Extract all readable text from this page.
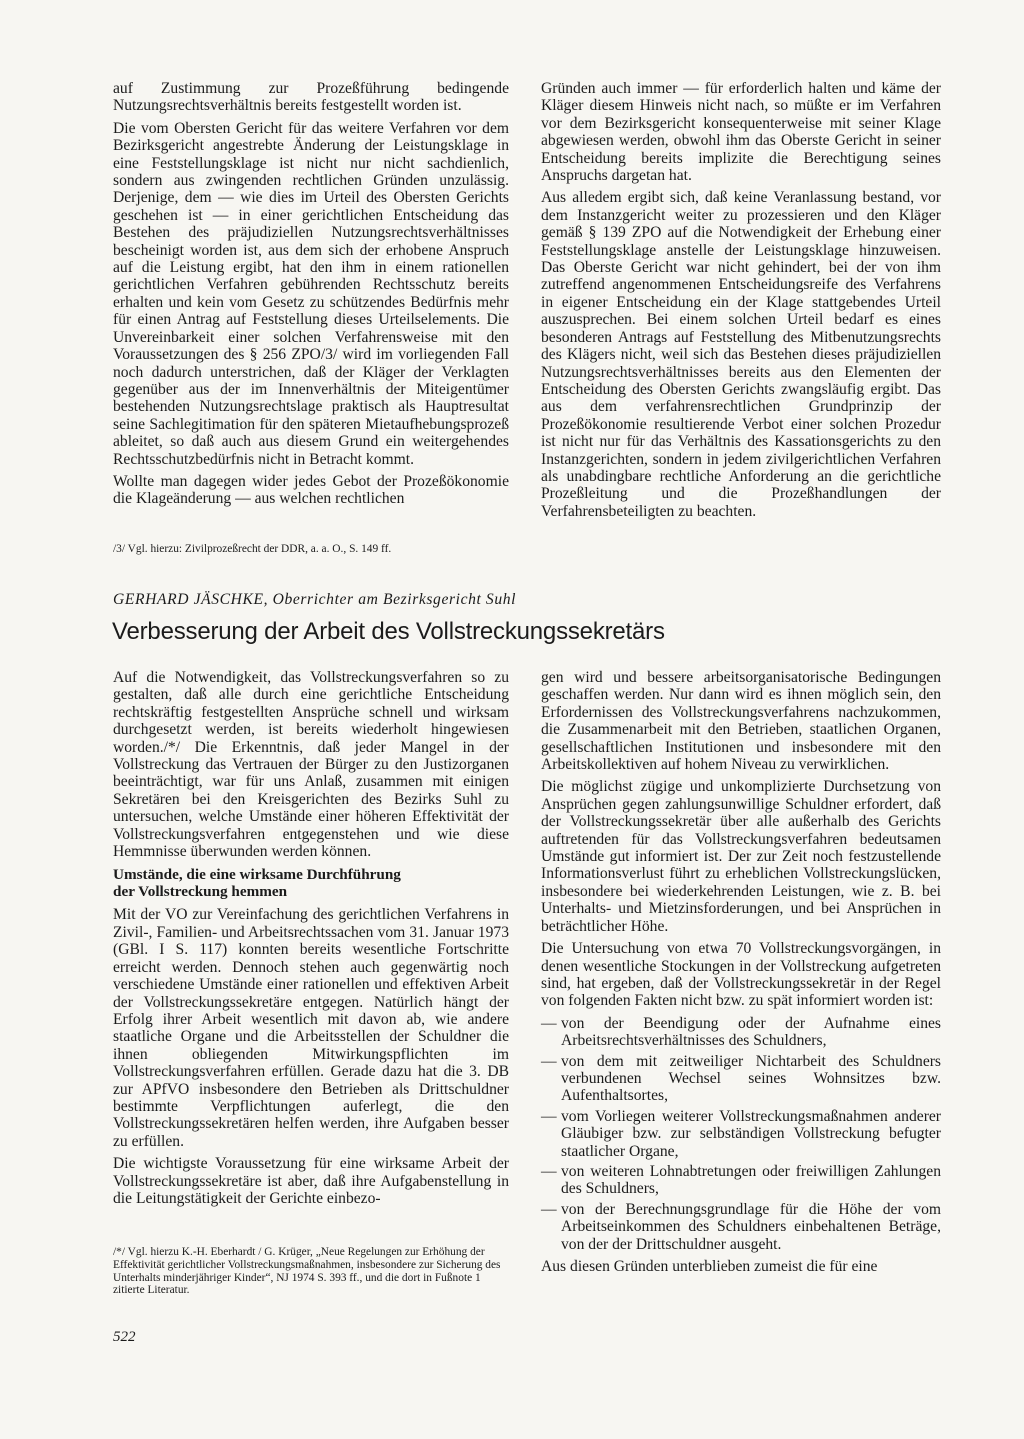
auf Zustimmung zur Prozeßführung bedingende Nutzungsrechtsverhältnis bereits festgestellt worden ist.

Die vom Obersten Gericht für das weitere Verfahren vor dem Bezirksgericht angestrebte Änderung der Leistungsklage in eine Feststellungsklage ist nicht nur nicht sachdienlich, sondern aus zwingenden rechtlichen Gründen unzulässig. Derjenige, dem — wie dies im Urteil des Obersten Gerichts geschehen ist — in einer gerichtlichen Entscheidung das Bestehen des präjudiziellen Nutzungsrechtsverhältnisses bescheinigt worden ist, aus dem sich der erhobene Anspruch auf die Leistung ergibt, hat den ihm in einem rationellen gerichtlichen Verfahren gebührenden Rechtsschutz bereits erhalten und kein vom Gesetz zu schützendes Bedürfnis mehr für einen Antrag auf Feststellung dieses Urteilselements. Die Unvereinbarkeit einer solchen Verfahrensweise mit den Voraussetzungen des § 256 ZPO/3/ wird im vorliegenden Fall noch dadurch unterstrichen, daß der Kläger der Verklagten gegenüber aus der im Innenverhältnis der Miteigentümer bestehenden Nutzungsrechtslage praktisch als Hauptresultat seine Sachlegitimation für den späteren Mietaufhebungsprozeß ableitet, so daß auch aus diesem Grund ein weitergehendes Rechtsschutzbedürfnis nicht in Betracht kommt.

Wollte man dagegen wider jedes Gebot der Prozeßökonomie die Klageänderung — aus welchen rechtlichen

/3/ Vgl. hierzu: Zivilprozeßrecht der DDR, a. a. O., S. 149 ff.

Gründen auch immer — für erforderlich halten und käme der Kläger diesem Hinweis nicht nach, so müßte er im Verfahren vor dem Bezirksgericht konsequenterweise mit seiner Klage abgewiesen werden, obwohl ihm das Oberste Gericht in seiner Entscheidung bereits implizite die Berechtigung seines Anspruchs dargetan hat.

Aus alledem ergibt sich, daß keine Veranlassung bestand, vor dem Instanzgericht weiter zu prozessieren und den Kläger gemäß § 139 ZPO auf die Notwendigkeit der Erhebung einer Feststellungsklage anstelle der Leistungsklage hinzuweisen. Das Oberste Gericht war nicht gehindert, bei der von ihm zutreffend angenommenen Entscheidungsreife des Verfahrens in eigener Entscheidung ein der Klage stattgebendes Urteil auszusprechen. Bei einem solchen Urteil bedarf es eines besonderen Antrags auf Feststellung des Mitbenutzungsrechts des Klägers nicht, weil sich das Bestehen dieses präjudiziellen Nutzungsrechtsverhältnisses bereits aus den Elementen der Entscheidung des Obersten Gerichts zwangsläufig ergibt. Das aus dem verfahrensrechtlichen Grundprinzip der Prozeßökonomie resultierende Verbot einer solchen Prozedur ist nicht nur für das Verhältnis des Kassationsgerichts zu den Instanzgerichten, sondern in jedem zivilgerichtlichen Verfahren als unabdingbare rechtliche Anforderung an die gerichtliche Prozeßleitung und die Prozeßhandlungen der Verfahrensbeteiligten zu beachten.

GERHARD JÄSCHKE, Oberrichter am Bezirksgericht Suhl
Verbesserung der Arbeit des Vollstreckungssekretärs

Auf die Notwendigkeit, das Vollstreckungsverfahren so zu gestalten, daß alle durch eine gerichtliche Entscheidung rechtskräftig festgestellten Ansprüche schnell und wirksam durchgesetzt werden, ist bereits wiederholt hingewiesen worden./*/ Die Erkenntnis, daß jeder Mangel in der Vollstreckung das Vertrauen der Bürger zu den Justizorganen beeinträchtigt, war für uns Anlaß, zusammen mit einigen Sekretären bei den Kreisgerichten des Bezirks Suhl zu untersuchen, welche Umstände einer höheren Effektivität der Vollstreckungsverfahren entgegenstehen und wie diese Hemmnisse überwunden werden können.

Umstände, die eine wirksame Durchführung
der Vollstreckung hemmen

Mit der VO zur Vereinfachung des gerichtlichen Verfahrens in Zivil-, Familien- und Arbeitsrechtssachen vom 31. Januar 1973 (GBl. I S. 117) konnten bereits wesentliche Fortschritte erreicht werden. Dennoch stehen auch gegenwärtig noch verschiedene Umstände einer rationellen und effektiven Arbeit der Vollstreckungssekretäre entgegen. Natürlich hängt der Erfolg ihrer Arbeit wesentlich mit davon ab, wie andere staatliche Organe und die Arbeitsstellen der Schuldner die ihnen obliegenden Mitwirkungspflichten im Vollstreckungsverfahren erfüllen. Gerade dazu hat die 3. DB zur APfVO insbesondere den Betrieben als Drittschuldner bestimmte Verpflichtungen auferlegt, die den Vollstreckungssekretären helfen werden, ihre Aufgaben besser zu erfüllen.

Die wichtigste Voraussetzung für eine wirksame Arbeit der Vollstreckungssekretäre ist aber, daß ihre Aufgabenstellung in die Leitungstätigkeit der Gerichte einbezo-

/*/ Vgl. hierzu K.-H. Eberhardt / G. Krüger, „Neue Regelungen zur Erhöhung der Effektivität gerichtlicher Vollstreckungsmaßnahmen, insbesondere zur Sicherung des Unterhalts minderjähriger Kinder“, NJ 1974 S. 393 ff., und die dort in Fußnote 1 zitierte Literatur.

gen wird und bessere arbeitsorganisatorische Bedingungen geschaffen werden. Nur dann wird es ihnen möglich sein, den Erfordernissen des Vollstreckungsverfahrens nachzukommen, die Zusammenarbeit mit den Betrieben, staatlichen Organen, gesellschaftlichen Institutionen und insbesondere mit den Arbeitskollektiven auf hohem Niveau zu verwirklichen.

Die möglichst zügige und unkomplizierte Durchsetzung von Ansprüchen gegen zahlungsunwillige Schuldner erfordert, daß der Vollstreckungssekretär über alle außerhalb des Gerichts auftretenden für das Vollstreckungsverfahren bedeutsamen Umstände gut informiert ist. Der zur Zeit noch festzustellende Informationsverlust führt zu erheblichen Vollstreckungslücken, insbesondere bei wiederkehrenden Leistungen, wie z. B. bei Unterhalts- und Mietzinsforderungen, und bei Ansprüchen in beträchtlicher Höhe.

Die Untersuchung von etwa 70 Vollstreckungsvorgängen, in denen wesentliche Stockungen in der Vollstreckung aufgetreten sind, hat ergeben, daß der Vollstreckungssekretär in der Regel von folgenden Fakten nicht bzw. zu spät informiert worden ist:

— von der Beendigung oder der Aufnahme eines Arbeitsrechtsverhältnisses des Schuldners,
— von dem mit zeitweiliger Nichtarbeit des Schuldners verbundenen Wechsel seines Wohnsitzes bzw. Aufenthaltsortes,
— vom Vorliegen weiterer Vollstreckungsmaßnahmen anderer Gläubiger bzw. zur selbständigen Vollstreckung befugter staatlicher Organe,
— von weiteren Lohnabtretungen oder freiwilligen Zahlungen des Schuldners,
— von der Berechnungsgrundlage für die Höhe der vom Arbeitseinkommen des Schuldners einbehaltenen Beträge, von der der Drittschuldner ausgeht.

Aus diesen Gründen unterblieben zumeist die für eine

522
